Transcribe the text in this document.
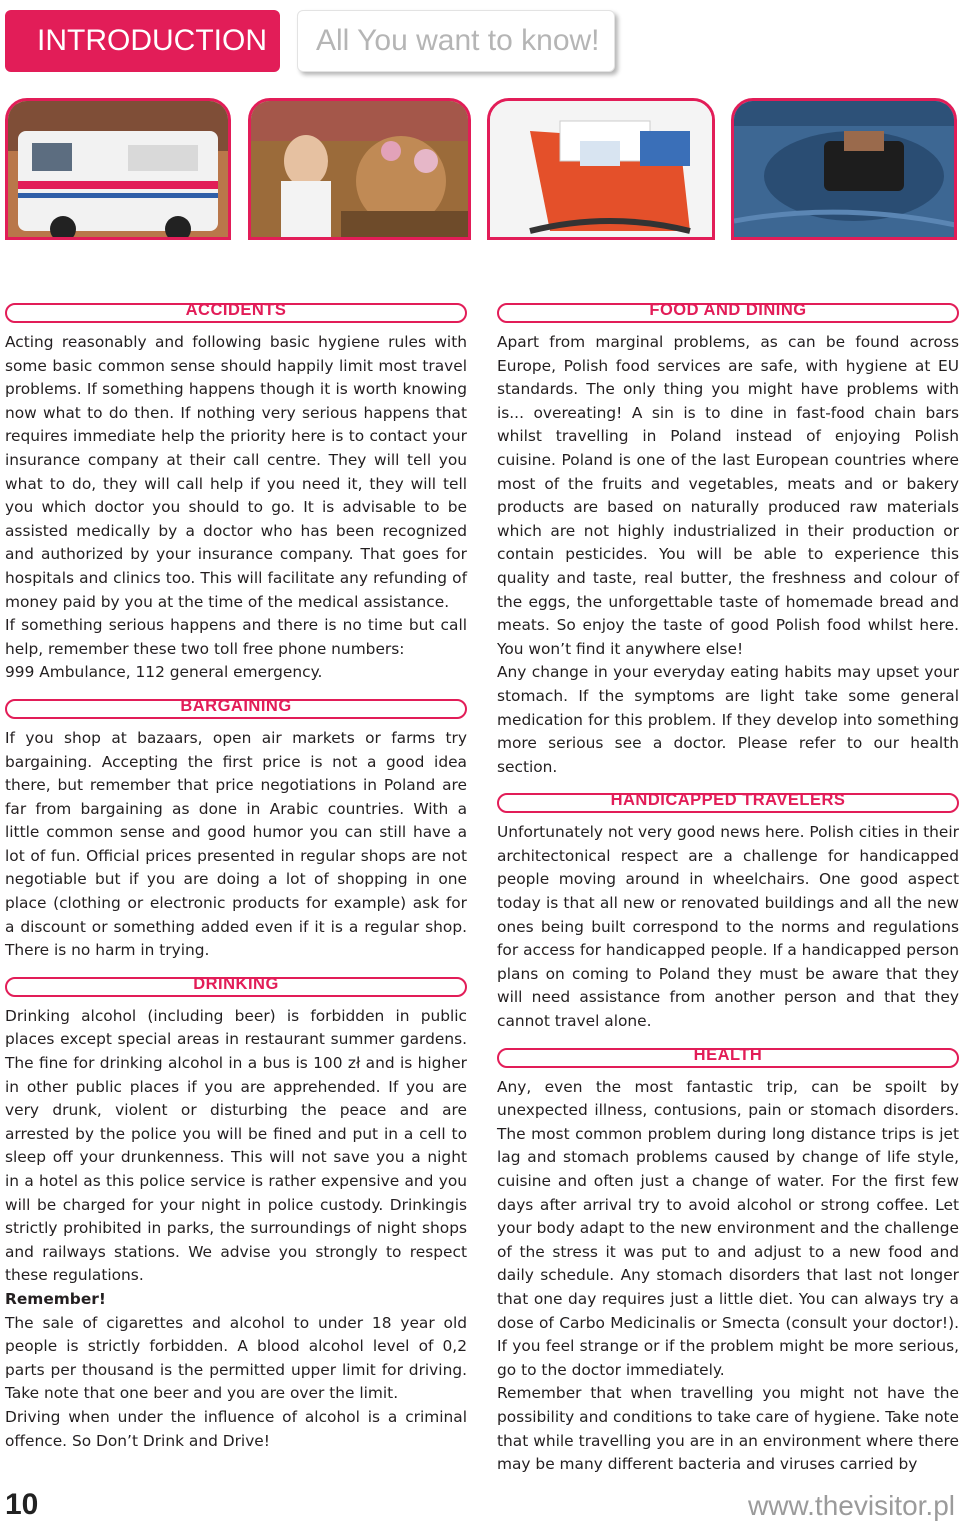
INTRODUCTION All You want to know!
ACCIDENTS

Acting reasonably and following basic hygiene rules with some basic common sense should happily limit most travel problems. If something happens though it is worth knowing now what to do then. If nothing very serious happens that requires immediate help the priority here is to contact your insurance company at their call centre. They will tell you what to do, they will call help if you need it, they will tell you which doctor you should to go. It is advisable to be assisted medically by a doctor who has been recognized and authorized by your insurance company. That goes for hospitals and clinics too. This will facilitate any refunding of money paid by you at the time of the medical assistance.

If something serious happens and there is no time but call help, remember these two toll free phone numbers:

999 Ambulance, 112 general emergency.

BARGAINING

If you shop at bazaars, open air markets or farms try bargaining. Accepting the first price is not a good idea there, but remember that price negotiations in Poland are far from bargaining as done in Arabic countries. With a little common sense and good humor you can still have a lot of fun. Official prices presented in regular shops are not negotiable but if you are doing a lot of shopping in one place (clothing or electronic products for example) ask for a discount or something added even if it is a regular shop. There is no harm in trying.

DRINKING

Drinking alcohol (including beer) is forbidden in public places except special areas in restaurant summer gardens. The fine for drinking alcohol in a bus is 100 zł and is higher in other public places if you are apprehended. If you are very drunk, violent or disturbing the peace and are arrested by the police you will be fined and put in a cell to sleep off your drunkenness. This will not save you a night in a hotel as this police service is rather expensive and you will be charged for your night in police custody. Drinkingis strictly prohibited in parks, the surroundings of night shops and railways stations. We advise you strongly to respect these regulations.

Remember!

The sale of cigarettes and alcohol to under 18 year old people is strictly forbidden. A blood alcohol level of 0,2 parts per thousand is the permitted upper limit for driving. Take note that one beer and you are over the limit.

Driving when under the influence of alcohol is a criminal offence. So Don’t Drink and Drive!

FOOD AND DINING

Apart from marginal problems, as can be found across Europe, Polish food services are safe, with hygiene at EU standards. The only thing you might have problems with is... overeating! A sin is to dine in fast-food chain bars whilst travelling in Poland instead of enjoying Polish cuisine. Poland is one of the last European countries where most of the fruits and vegetables, meats and or bakery products are based on naturally produced raw materials which are not highly industrialized in their production or contain pesticides. You will be able to experience this quality and taste, real butter, the freshness and colour of the eggs, the unforgettable taste of homemade bread and meats. So enjoy the taste of good Polish food whilst here. You won’t find it anywhere else!

Any change in your everyday eating habits may upset your stomach. If the symptoms are light take some general medication for this problem. If they develop into something more serious see a doctor. Please refer to our health section.

HANDICAPPED TRAVELERS

Unfortunately not very good news here. Polish cities in their architectonical respect are a challenge for handicapped people moving around in wheelchairs. One good aspect today is that all new or renovated buildings and all the new ones being built correspond to the norms and regulations for access for handicapped people. If a handicapped person plans on coming to Poland they must be aware that they will need assistance from another person and that they cannot travel alone.

HEALTH

Any, even the most fantastic trip, can be spoilt by unexpected illness, contusions, pain or stomach disorders. The most common problem during long distance trips is jet lag and stomach problems caused by change of life style, cuisine and often just a change of water. For the first few days after arrival try to avoid alcohol or strong coffee. Let your body adapt to the new environment and the challenge of the stress it was put to and adjust to a new food and daily schedule. Any stomach disorders that last not longer that one day requires just a little diet. You can always try a dose of Carbo Medicinalis or Smecta (consult your doctor!). If you feel strange or if the problem might be more serious, go to the doctor immediately.

Remember that when travelling you might not have the possibility and conditions to take care of hygiene. Take note that while travelling you are in an environment where there may be many different bacteria and viruses carried by

10	www.thevisitor.pl
